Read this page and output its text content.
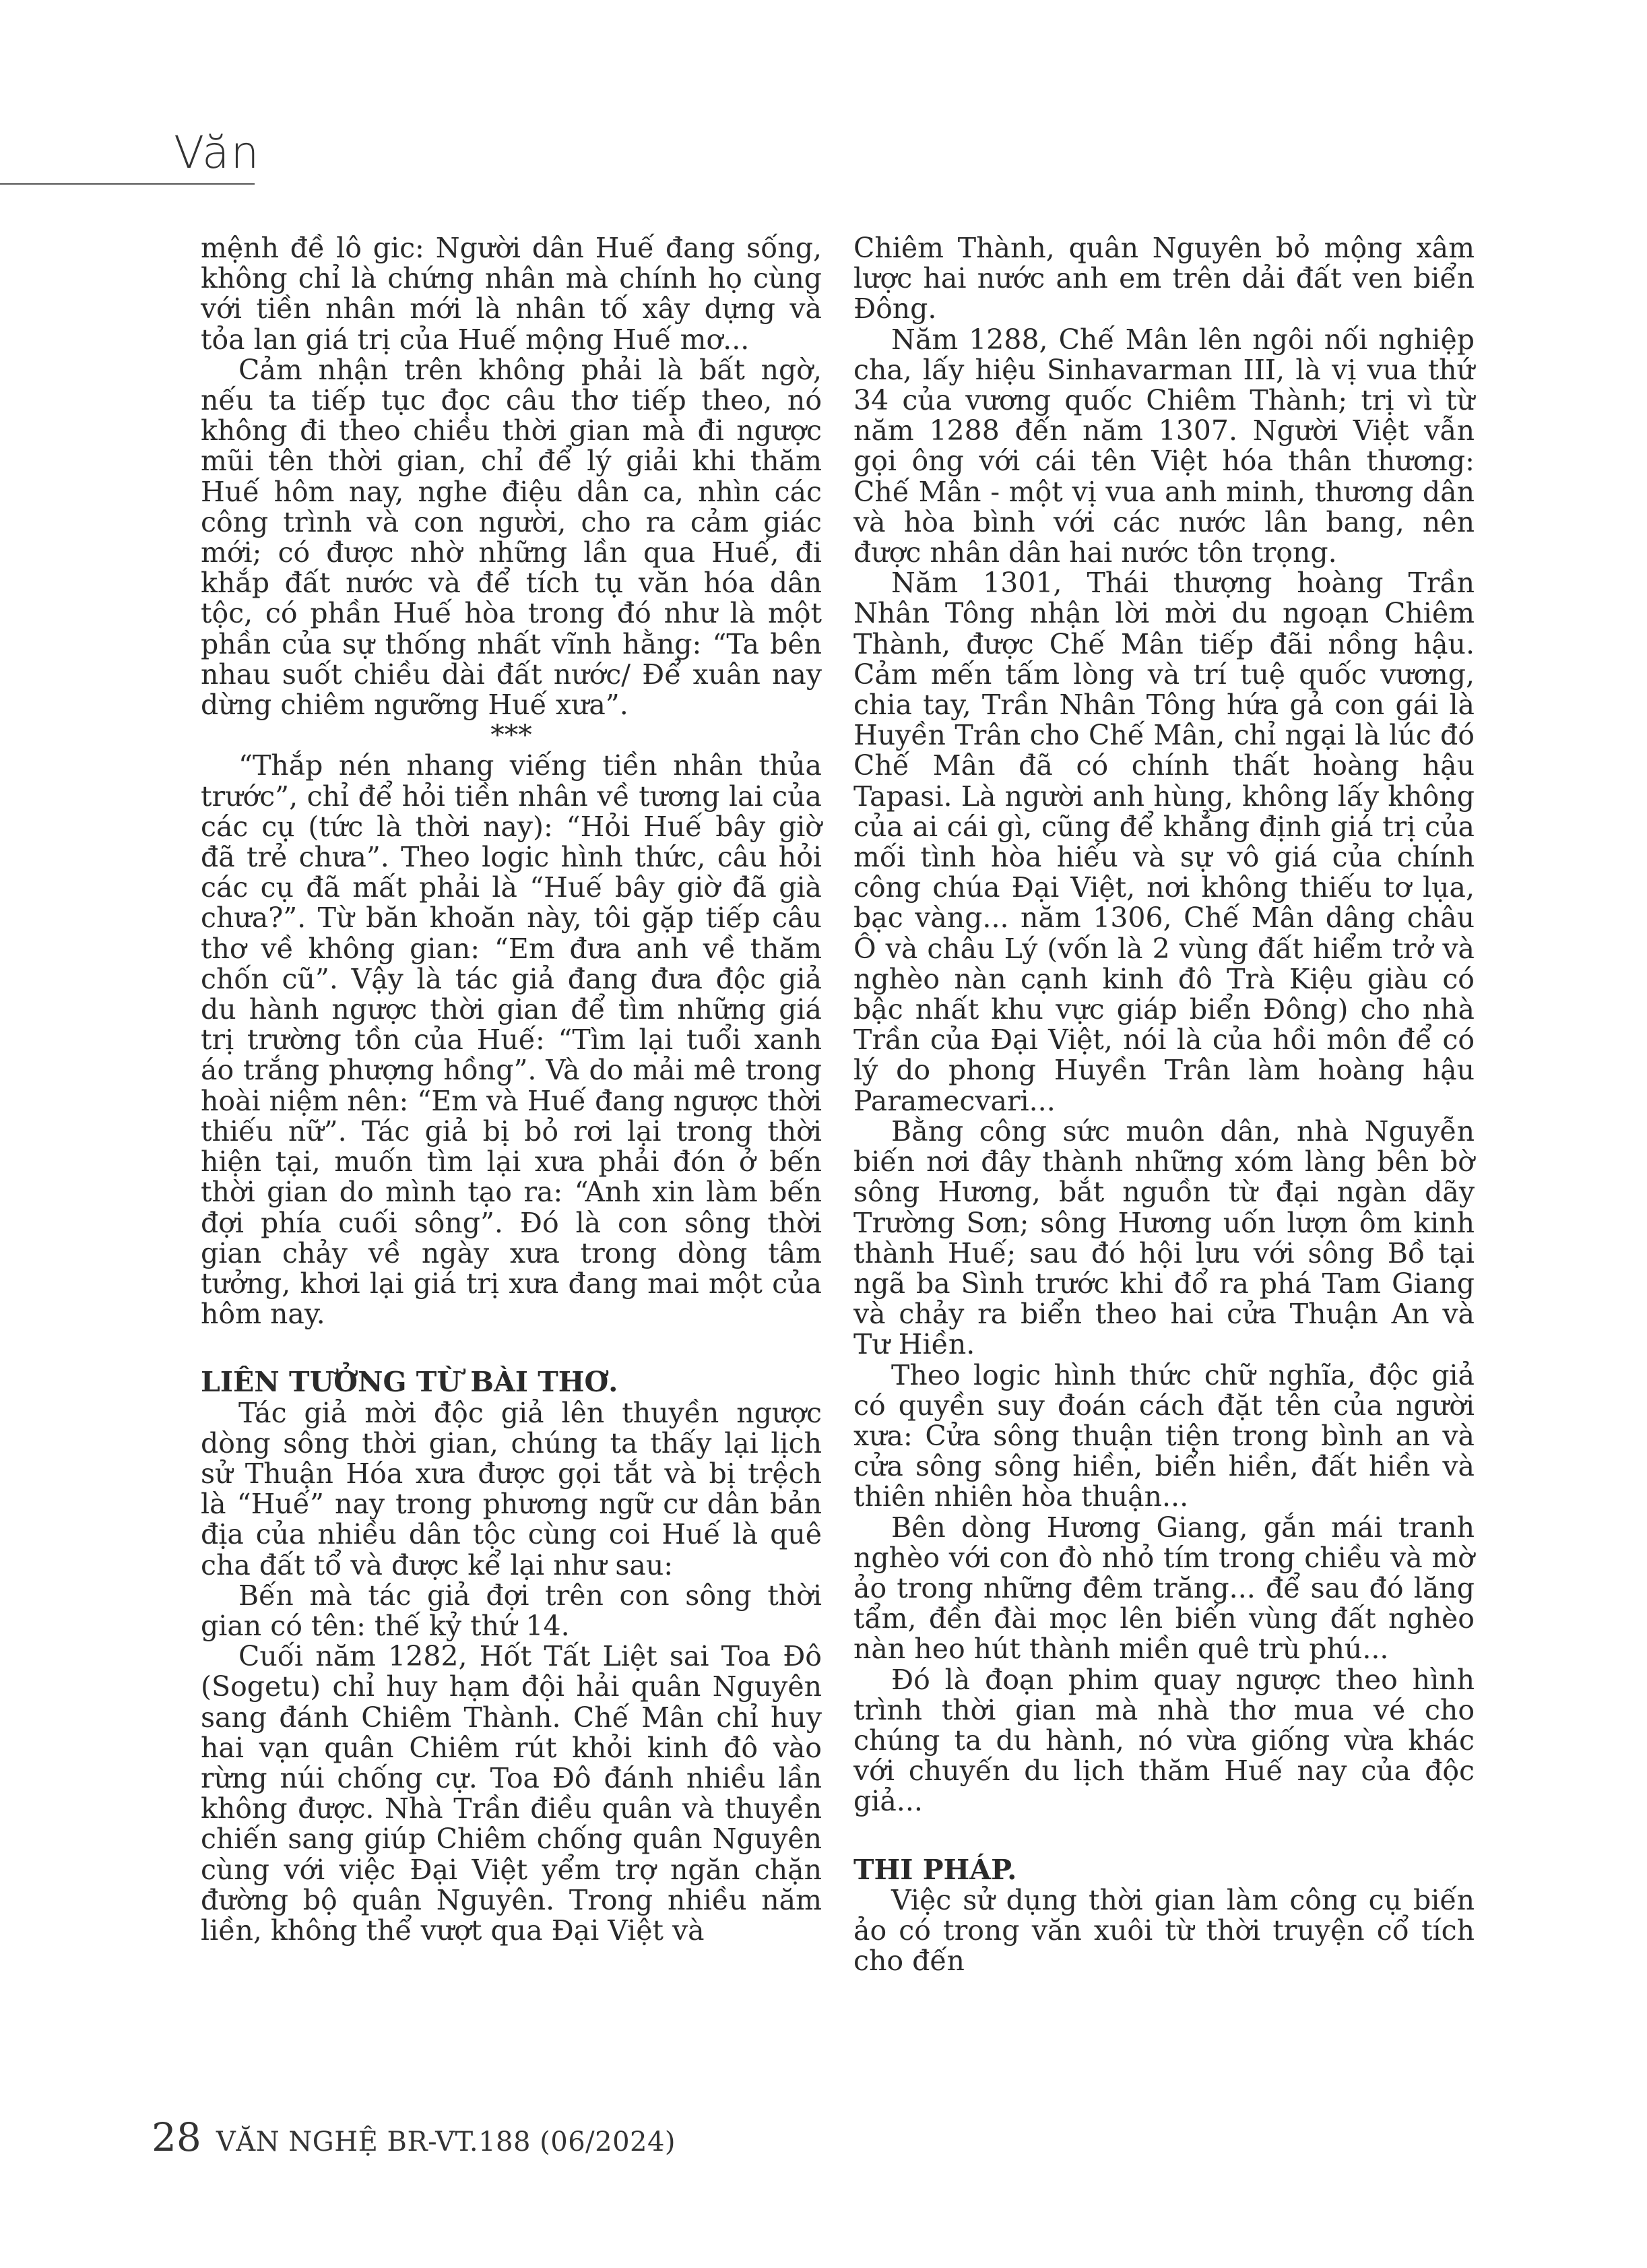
Văn

mệnh đề lô gic: Người dân Huế đang sống, không chỉ là chứng nhân mà chính họ cùng với tiền nhân mới là nhân tố xây dựng và tỏa lan giá trị của Huế mộng Huế mơ...

Cảm nhận trên không phải là bất ngờ, nếu ta tiếp tục đọc câu thơ tiếp theo, nó không đi theo chiều thời gian mà đi ngược mũi tên thời gian, chỉ để lý giải khi thăm Huế hôm nay, nghe điệu dân ca, nhìn các công trình và con người, cho ra cảm giác mới; có được nhờ những lần qua Huế, đi khắp đất nước và để tích tụ văn hóa dân tộc, có phần Huế hòa trong đó như là một phần của sự thống nhất vĩnh hằng: “Ta bên nhau suốt chiều dài đất nước/ Để xuân nay dừng chiêm ngưỡng Huế xưa”.

***

“Thắp nén nhang viếng tiền nhân thủa trước”, chỉ để hỏi tiền nhân về tương lai của các cụ (tức là thời nay): “Hỏi Huế bây giờ đã trẻ chưa”. Theo logic hình thức, câu hỏi các cụ đã mất phải là “Huế bây giờ đã già chưa?”. Từ băn khoăn này, tôi gặp tiếp câu thơ về không gian: “Em đưa anh về thăm chốn cũ”. Vậy là tác giả đang đưa độc giả du hành ngược thời gian để tìm những giá trị trường tồn của Huế: “Tìm lại tuổi xanh áo trắng phượng hồng”. Và do mải mê trong hoài niệm nên: “Em và Huế đang ngược thời thiếu nữ”. Tác giả bị bỏ rơi lại trong thời hiện tại, muốn tìm lại xưa phải đón ở bến thời gian do mình tạo ra: “Anh xin làm bến đợi phía cuối sông”. Đó là con sông thời gian chảy về ngày xưa trong dòng tâm tưởng, khơi lại giá trị xưa đang mai một của hôm nay.

LIÊN TƯỞNG TỪ BÀI THƠ.

Tác giả mời độc giả lên thuyền ngược dòng sông thời gian, chúng ta thấy lại lịch sử Thuận Hóa xưa được gọi tắt và bị trệch là “Huế” nay trong phương ngữ cư dân bản địa của nhiều dân tộc cùng coi Huế là quê cha đất tổ và được kể lại như sau:

Bến mà tác giả đợi trên con sông thời gian có tên: thế kỷ thứ 14.

Cuối năm 1282, Hốt Tất Liệt sai Toa Đô (Sogetu) chỉ huy hạm đội hải quân Nguyên sang đánh Chiêm Thành. Chế Mân chỉ huy hai vạn quân Chiêm rút khỏi kinh đô vào rừng núi chống cự. Toa Đô đánh nhiều lần không được. Nhà Trần điều quân và thuyền chiến sang giúp Chiêm chống quân Nguyên cùng với việc Đại Việt yểm trợ ngăn chặn đường bộ quân Nguyên. Trong nhiều năm liền, không thể vượt qua Đại Việt và

Chiêm Thành, quân Nguyên bỏ mộng xâm lược hai nước anh em trên dải đất ven biển Đông.

Năm 1288, Chế Mân lên ngôi nối nghiệp cha, lấy hiệu Sinhavarman III, là vị vua thứ 34 của vương quốc Chiêm Thành; trị vì từ năm 1288 đến năm 1307. Người Việt vẫn gọi ông với cái tên Việt hóa thân thương: Chế Mân - một vị vua anh minh, thương dân và hòa bình với các nước lân bang, nên được nhân dân hai nước tôn trọng.

Năm 1301, Thái thượng hoàng Trần Nhân Tông nhận lời mời du ngoạn Chiêm Thành, được Chế Mân tiếp đãi nồng hậu. Cảm mến tấm lòng và trí tuệ quốc vương, chia tay, Trần Nhân Tông hứa gả con gái là Huyền Trân cho Chế Mân, chỉ ngại là lúc đó Chế Mân đã có chính thất hoàng hậu Tapasi. Là người anh hùng, không lấy không của ai cái gì, cũng để khẳng định giá trị của mối tình hòa hiếu và sự vô giá của chính công chúa Đại Việt, nơi không thiếu tơ lụa, bạc vàng... năm 1306, Chế Mân dâng châu Ô và châu Lý (vốn là 2 vùng đất hiểm trở và nghèo nàn cạnh kinh đô Trà Kiệu giàu có bậc nhất khu vực giáp biển Đông) cho nhà Trần của Đại Việt, nói là của hồi môn để có lý do phong Huyền Trân làm hoàng hậu Paramecvari...

Bằng công sức muôn dân, nhà Nguyễn biến nơi đây thành những xóm làng bên bờ sông Hương, bắt nguồn từ đại ngàn dãy Trường Sơn; sông Hương uốn lượn ôm kinh thành Huế; sau đó hội lưu với sông Bồ tại ngã ba Sình trước khi đổ ra phá Tam Giang và chảy ra biển theo hai cửa Thuận An và Tư Hiền.

Theo logic hình thức chữ nghĩa, độc giả có quyền suy đoán cách đặt tên của người xưa: Cửa sông thuận tiện trong bình an và cửa sông sông hiền, biển hiền, đất hiền và thiên nhiên hòa thuận...

Bên dòng Hương Giang, gắn mái tranh nghèo với con đò nhỏ tím trong chiều và mờ ảo trong những đêm trăng... để sau đó lăng tẩm, đền đài mọc lên biến vùng đất nghèo nàn heo hút thành miền quê trù phú...

Đó là đoạn phim quay ngược theo hình trình thời gian mà nhà thơ mua vé cho chúng ta du hành, nó vừa giống vừa khác với chuyến du lịch thăm Huế nay của độc giả...

THI PHÁP.

Việc sử dụng thời gian làm công cụ biến ảo có trong văn xuôi từ thời truyện cổ tích cho đến

28 VĂN NGHỆ BR-VT.188 (06/2024)
